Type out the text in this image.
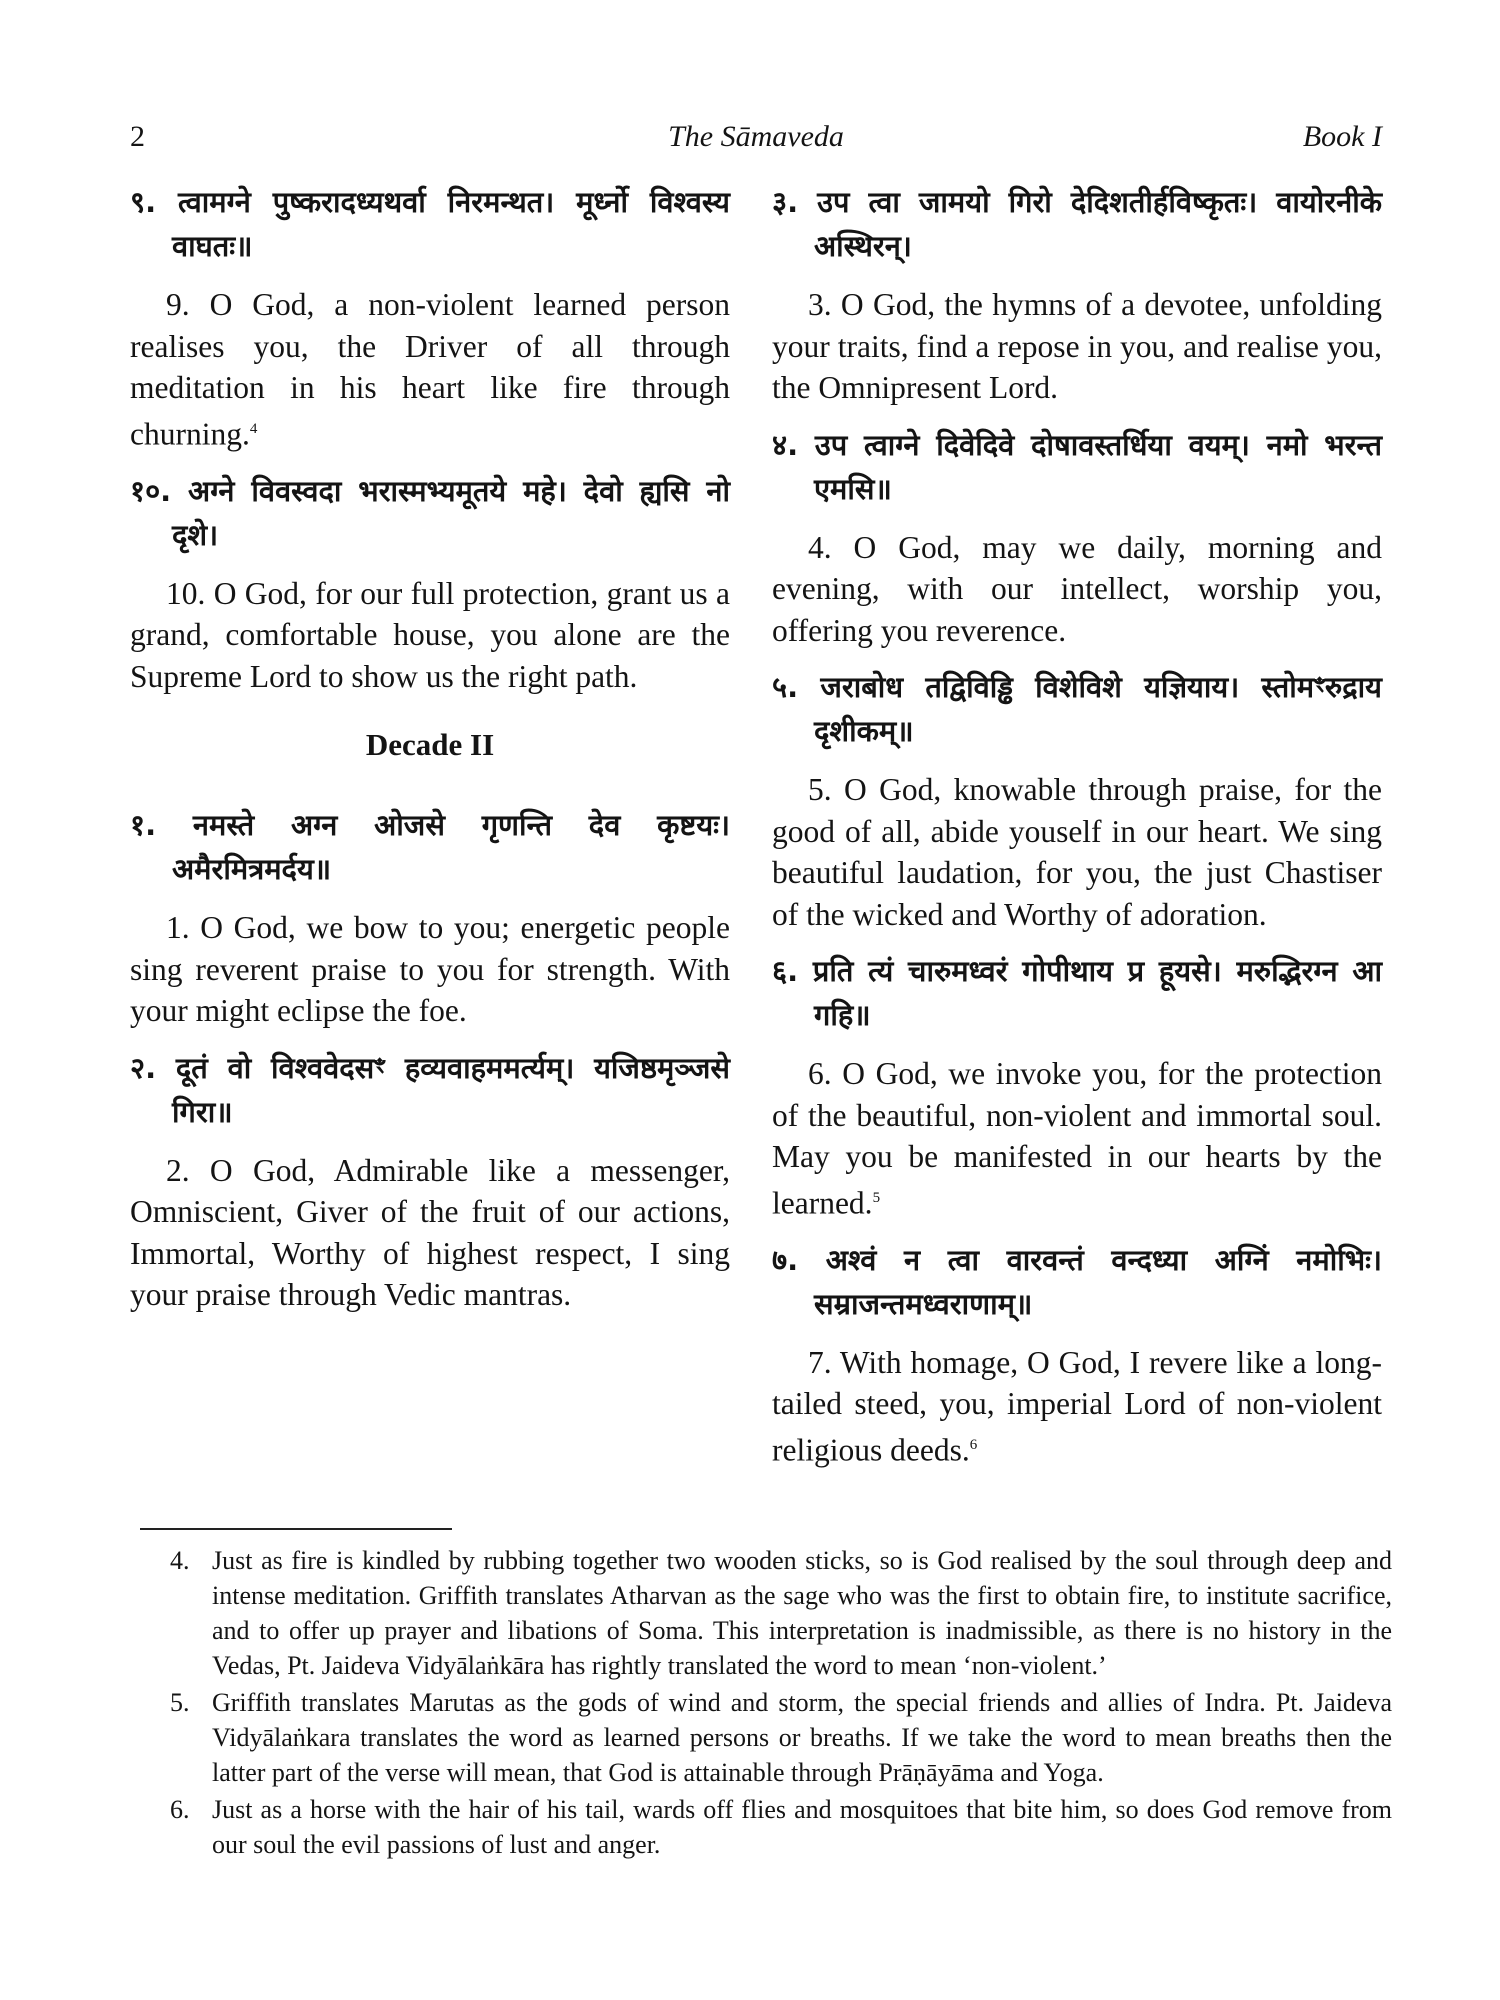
2	The Sāmaveda	Book I

९. त्वामग्ने पुष्करादध्यथर्वा निरमन्थत। मूर्ध्नो विश्वस्य वाघतः॥

9. O God, a non-violent learned person realises you, the Driver of all through meditation in his heart like fire through churning.$^4$

१०. अग्ने विवस्वदा भरास्मभ्यमूतये महे। देवो ह्यसि नो दृशे।

10. O God, for our full protection, grant us a grand, comfortable house, you alone are the Supreme Lord to show us the right path.

Decade II

१. नमस्ते अग्न ओजसे गृणन्ति देव कृष्टयः। अमैरमित्रमर्दय॥

1. O God, we bow to you; energetic people sing reverent praise to you for strength. With your might eclipse the foe.

२. दूतं वो विश्ववेदसꣳ हव्यवाहममर्त्यम्। यजिष्ठमृञ्जसे गिरा॥

2. O God, Admirable like a messenger, Omniscient, Giver of the fruit of our actions, Immortal, Worthy of highest respect, I sing your praise through Vedic mantras.

३. उप त्वा जामयो गिरो देदिशतीर्हविष्कृतः। वायोरनीके अस्थिरन्।

3. O God, the hymns of a devotee, unfolding your traits, find a repose in you, and realise you, the Omnipresent Lord.

४. उप त्वाग्ने दिवेदिवे दोषावस्तर्धिया वयम्। नमो भरन्त एमसि॥

4. O God, may we daily, morning and evening, with our intellect, worship you, offering you reverence.

५. जराबोध तद्विविड्ढि विशेविशे यज्ञियाय। स्तोमꣳरुद्राय दृशीकम्॥

5. O God, knowable through praise, for the good of all, abide youself in our heart. We sing beautiful laudation, for you, the just Chastiser of the wicked and Worthy of adoration.

६. प्रति त्यं चारुमध्वरं गोपीथाय प्र हूयसे। मरुद्भिरग्न आ गहि॥

6. O God, we invoke you, for the protection of the beautiful, non-violent and immortal soul. May you be manifested in our hearts by the learned.$^5$

७. अश्वं न त्वा वारवन्तं वन्दध्या अग्निं नमोभिः। सम्राजन्तमध्वराणाम्॥

7. With homage, O God, I revere like a long-tailed steed, you, imperial Lord of non-violent religious deeds.$^6$

4. Just as fire is kindled by rubbing together two wooden sticks, so is God realised by the soul through deep and intense meditation. Griffith translates Atharvan as the sage who was the first to obtain fire, to institute sacrifice, and to offer up prayer and libations of Soma. This interpretation is inadmissible, as there is no history in the Vedas, Pt. Jaideva Vidyālaṅkāra has rightly translated the word to mean ‘non-violent.’

5. Griffith translates Marutas as the gods of wind and storm, the special friends and allies of Indra. Pt. Jaideva Vidyālaṅkara translates the word as learned persons or breaths. If we take the word to mean breaths then the latter part of the verse will mean, that God is attainable through Prāṇāyāma and Yoga.

6. Just as a horse with the hair of his tail, wards off flies and mosquitoes that bite him, so does God remove from our soul the evil passions of lust and anger.
